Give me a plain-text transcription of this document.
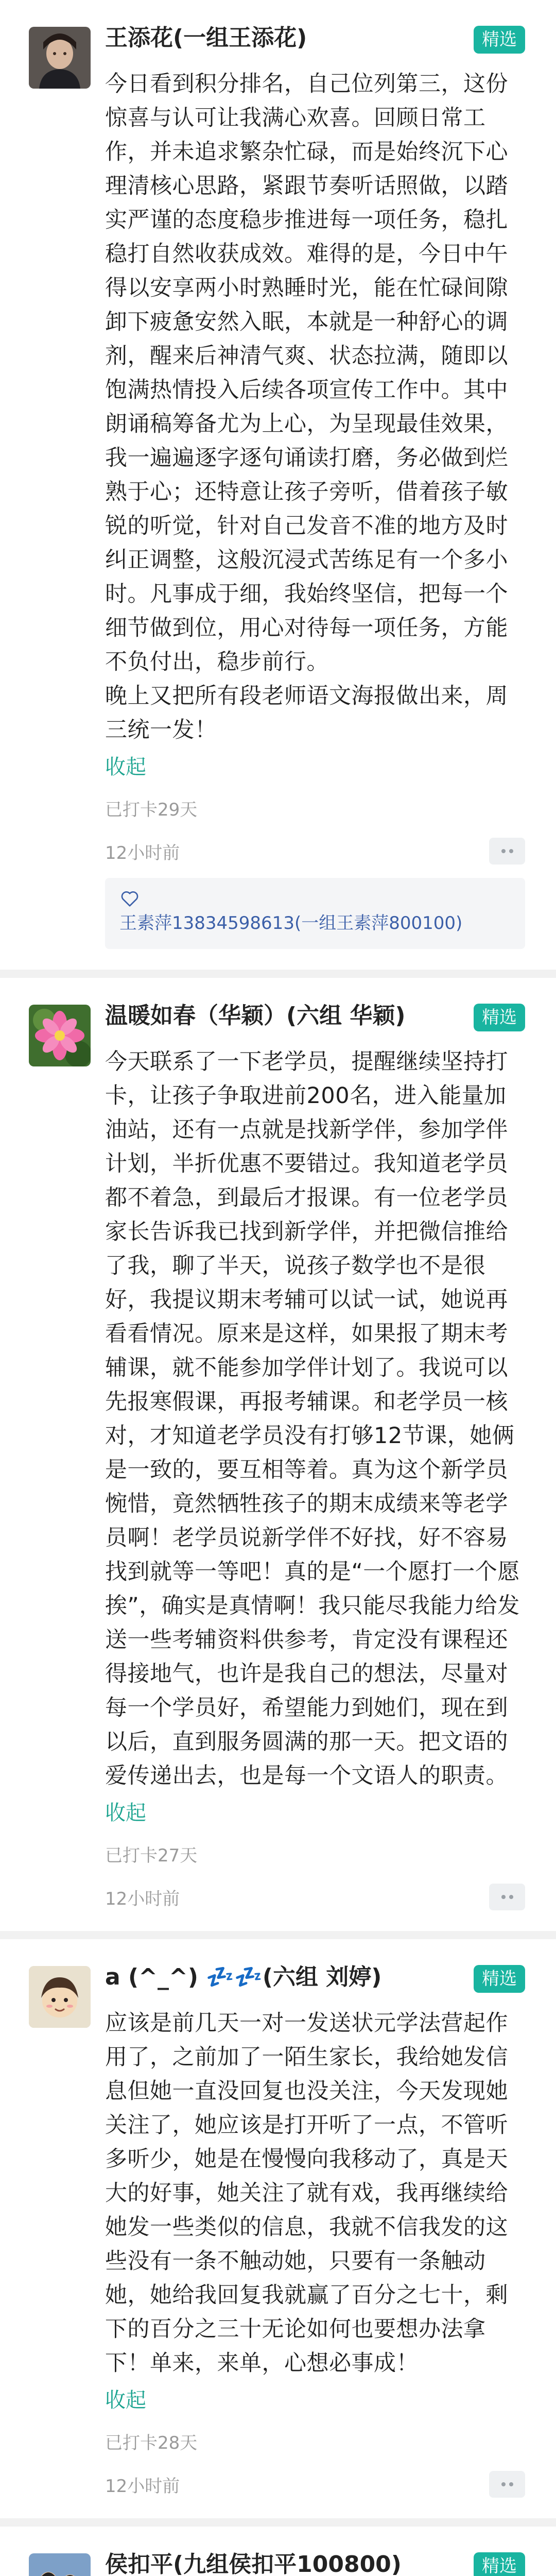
王添花(一组王添花)	精选

今日看到积分排名，自己位列第三，这份惊喜与认可让我满心欢喜。回顾日常工作，并未追求繁杂忙碌，而是始终沉下心理清核心思路，紧跟节奏听话照做，以踏实严谨的态度稳步推进每一项任务，稳扎稳打自然收获成效。难得的是，今日中午得以安享两小时熟睡时光，能在忙碌间隙卸下疲惫安然入眠，本就是一种舒心的调剂，醒来后神清气爽、状态拉满，随即以饱满热情投入后续各项宣传工作中。其中朗诵稿筹备尤为上心，为呈现最佳效果，我一遍遍逐字逐句诵读打磨，务必做到烂熟于心；还特意让孩子旁听，借着孩子敏锐的听觉，针对自己发音不准的地方及时纠正调整，这般沉浸式苦练足有一个多小时。凡事成于细，我始终坚信，把每一个细节做到位，用心对待每一项任务，方能不负付出，稳步前行。

晚上又把所有段老师语文海报做出来，周三统一发！

收起
已打卡29天
12小时前
王素萍13834598613(一组王素萍800100)
温暖如春（华颖）(六组 华颖)	精选

今天联系了一下老学员，提醒继续坚持打卡，让孩子争取进前200名，进入能量加油站，还有一点就是找新学伴，参加学伴计划，半折优惠不要错过。我知道老学员都不着急，到最后才报课。有一位老学员家长告诉我已找到新学伴，并把微信推给了我，聊了半天，说孩子数学也不是很好，我提议期末考辅可以试一试，她说再看看情况。原来是这样，如果报了期末考辅课，就不能参加学伴计划了。我说可以先报寒假课，再报考辅课。和老学员一核对，才知道老学员没有打够12节课，她俩是一致的，要互相等着。真为这个新学员惋惜，竟然牺牲孩子的期末成绩来等老学员啊！老学员说新学伴不好找，好不容易找到就等一等吧！真的是“一个愿打一个愿挨”，确实是真情啊！我只能尽我能力给发送一些考辅资料供参考，肯定没有课程还得接地气，也许是我自己的想法，尽量对每一个学员好，希望能力到她们，现在到以后，直到服务圆满的那一天。把文语的爱传递出去，也是每一个文语人的职责。

收起
已打卡27天
12小时前
a (^_^) 💤💤(六组 刘婷)	精选

应该是前几天一对一发送状元学法营起作用了，之前加了一陌生家长，我给她发信息但她一直没回复也没关注，今天发现她关注了，她应该是打开听了一点，不管听多听少，她是在慢慢向我移动了，真是天大的好事，她关注了就有戏，我再继续给她发一些类似的信息，我就不信我发的这些没有一条不触动她，只要有一条触动她，她给我回复我就赢了百分之七十，剩下的百分之三十无论如何也要想办法拿下！单来，来单，心想必事成！

收起
已打卡28天
12小时前
侯扣平(九组侯扣平100800)	精选
